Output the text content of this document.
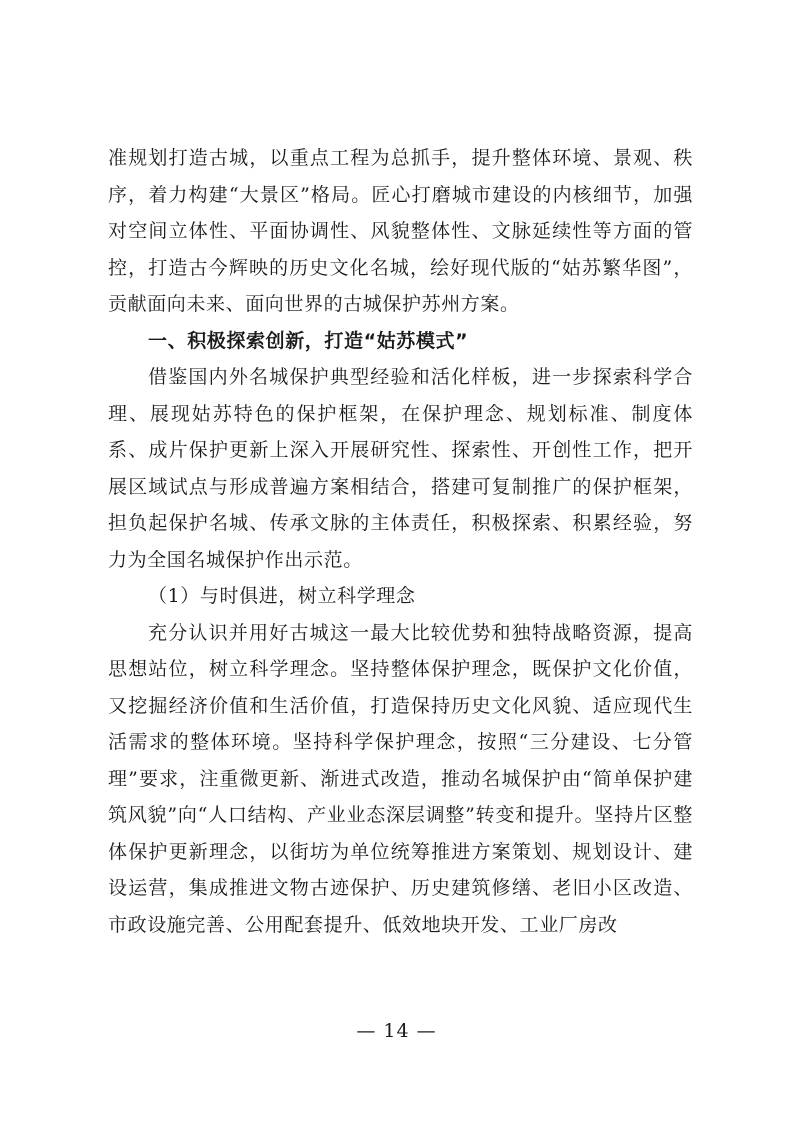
准规划打造古城，以重点工程为总抓手，提升整体环境、景观、秩序，着力构建“大景区”格局。匠心打磨城市建设的内核细节，加强对空间立体性、平面协调性、风貌整体性、文脉延续性等方面的管控，打造古今辉映的历史文化名城，绘好现代版的“姑苏繁华图”，贡献面向未来、面向世界的古城保护苏州方案。

一、积极探索创新，打造“姑苏模式”

借鉴国内外名城保护典型经验和活化样板，进一步探索科学合理、展现姑苏特色的保护框架，在保护理念、规划标准、制度体系、成片保护更新上深入开展研究性、探索性、开创性工作，把开展区域试点与形成普遍方案相结合，搭建可复制推广的保护框架，担负起保护名城、传承文脉的主体责任，积极探索、积累经验，努力为全国名城保护作出示范。

（1）与时俱进，树立科学理念

充分认识并用好古城这一最大比较优势和独特战略资源，提高思想站位，树立科学理念。坚持整体保护理念，既保护文化价值，又挖掘经济价值和生活价值，打造保持历史文化风貌、适应现代生活需求的整体环境。坚持科学保护理念，按照“三分建设、七分管理”要求，注重微更新、渐进式改造，推动名城保护由“简单保护建筑风貌”向“人口结构、产业业态深层调整”转变和提升。坚持片区整体保护更新理念，以街坊为单位统筹推进方案策划、规划设计、建设运营，集成推进文物古迹保护、历史建筑修缮、老旧小区改造、市政设施完善、公用配套提升、低效地块开发、工业厂房改

— 14 —
